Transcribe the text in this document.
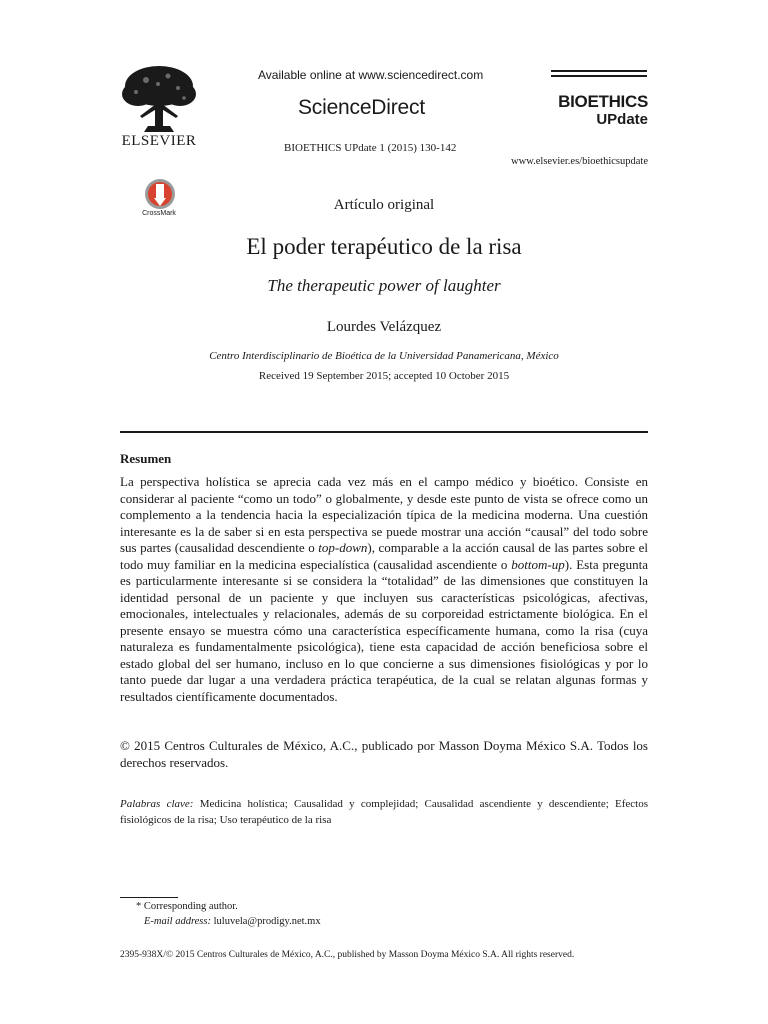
ELSEVIER
Available online at www.sciencedirect.com
ScienceDirect
BIOETHICS UPdate 1 (2015) 130-142
BIOETHICS
UPdate
www.elsevier.es/bioethicsupdate
CrossMark
Artículo original
El poder terapéutico de la risa
The therapeutic power of laughter
Lourdes Velázquez
Centro Interdisciplinario de Bioética de la Universidad Panamericana, México
Received 19 September 2015; accepted 10 October 2015
Resumen

La perspectiva holística se aprecia cada vez más en el campo médico y bioético. Consiste en considerar al paciente “como un todo” o globalmente, y desde este punto de vista se ofrece como un complemento a la tendencia hacia la especialización típica de la medicina moderna. Una cuestión interesante es la de saber si en esta perspectiva se puede mostrar una acción “causal” del todo sobre sus partes (causalidad descendiente o top-down), comparable a la acción causal de las partes sobre el todo muy familiar en la medicina especialística (causalidad ascendiente o bottom-up). Esta pregunta es particularmente interesante si se considera la “totalidad” de las dimensiones que constituyen la identidad personal de un paciente y que incluyen sus características psicológicas, afectivas, emocionales, intelectuales y relacionales, además de su corporeidad estrictamente biológica. En el presente ensayo se muestra cómo una característica específicamente humana, como la risa (cuya naturaleza es fundamentalmente psicológica), tiene esta capacidad de acción beneficiosa sobre el estado global del ser humano, incluso en lo que concierne a sus dimensiones fisiológicas y por lo tanto puede dar lugar a una verdadera práctica terapéutica, de la cual se relatan algunas formas y resultados científicamente documentados.

© 2015 Centros Culturales de México, A.C., publicado por Masson Doyma México S.A. Todos los derechos reservados.
Palabras clave: Medicina holística; Causalidad y complejidad; Causalidad ascendiente y descendiente; Efectos fisiológicos de la risa; Uso terapéutico de la risa
* Corresponding author.
E-mail address: luluvela@prodigy.net.mx
2395-938X/© 2015 Centros Culturales de México, A.C., published by Masson Doyma México S.A. All rights reserved.
